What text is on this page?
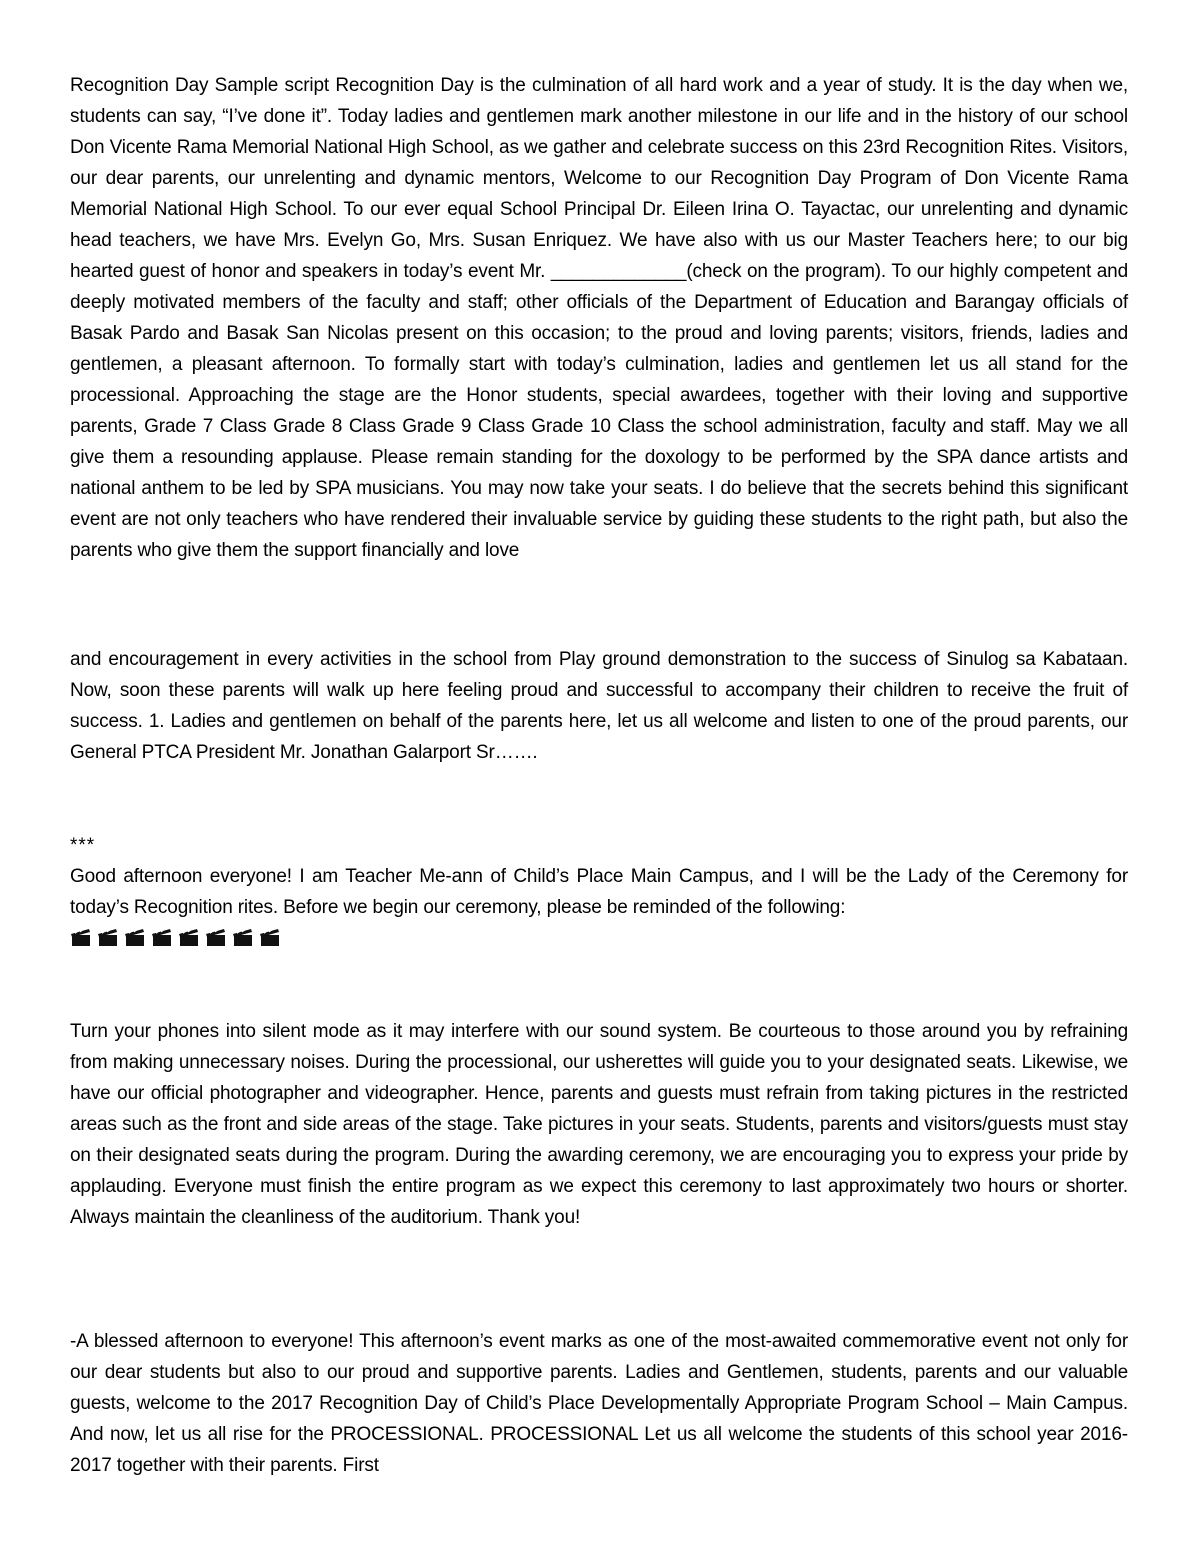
Recognition Day Sample script Recognition Day is the culmination of all hard work and a year of study. It is the day when we, students can say, “I’ve done it”. Today ladies and gentlemen mark another milestone in our life and in the history of our school Don Vicente Rama Memorial National High School, as we gather and celebrate success on this 23rd Recognition Rites. Visitors, our dear parents, our unrelenting and dynamic mentors, Welcome to our Recognition Day Program of Don Vicente Rama Memorial National High School. To our ever equal School Principal Dr. Eileen Irina O. Tayactac, our unrelenting and dynamic head teachers, we have Mrs. Evelyn Go, Mrs. Susan Enriquez. We have also with us our Master Teachers here; to our big hearted guest of honor and speakers in today’s event Mr. _____________(check on the program). To our highly competent and deeply motivated members of the faculty and staff; other officials of the Department of Education and Barangay officials of Basak Pardo and Basak San Nicolas present on this occasion; to the proud and loving parents; visitors, friends, ladies and gentlemen, a pleasant afternoon. To formally start with today’s culmination, ladies and gentlemen let us all stand for the processional. Approaching the stage are the Honor students, special awardees, together with their loving and supportive parents, Grade 7 Class Grade 8 Class Grade 9 Class Grade 10 Class the school administration, faculty and staff. May we all give them a resounding applause. Please remain standing for the doxology to be performed by the SPA dance artists and national anthem to be led by SPA musicians. You may now take your seats. I do believe that the secrets behind this significant event are not only teachers who have rendered their invaluable service by guiding these students to the right path, but also the parents who give them the support financially and love

and encouragement in every activities in the school from Play ground demonstration to the success of Sinulog sa Kabataan. Now, soon these parents will walk up here feeling proud and successful to accompany their children to receive the fruit of success. 1. Ladies and gentlemen on behalf of the parents here, let us all welcome and listen to one of the proud parents, our General PTCA President Mr. Jonathan Galarport Sr…….

***

Good afternoon everyone! I am Teacher Me-ann of Child’s Place Main Campus, and I will be the Lady of the Ceremony for today’s Recognition rites. Before we begin our ceremony, please be reminded of the following:

Turn your phones into silent mode as it may interfere with our sound system. Be courteous to those around you by refraining from making unnecessary noises. During the processional, our usherettes will guide you to your designated seats. Likewise, we have our official photographer and videographer. Hence, parents and guests must refrain from taking pictures in the restricted areas such as the front and side areas of the stage. Take pictures in your seats. Students, parents and visitors/guests must stay on their designated seats during the program. During the awarding ceremony, we are encouraging you to express your pride by applauding. Everyone must finish the entire program as we expect this ceremony to last approximately two hours or shorter. Always maintain the cleanliness of the auditorium. Thank you!

-A blessed afternoon to everyone! This afternoon’s event marks as one of the most-awaited commemorative event not only for our dear students but also to our proud and supportive parents. Ladies and Gentlemen, students, parents and our valuable guests, welcome to the 2017 Recognition Day of Child’s Place Developmentally Appropriate Program School – Main Campus. And now, let us all rise for the PROCESSIONAL. PROCESSIONAL Let us all welcome the students of this school year 2016-2017 together with their parents. First
